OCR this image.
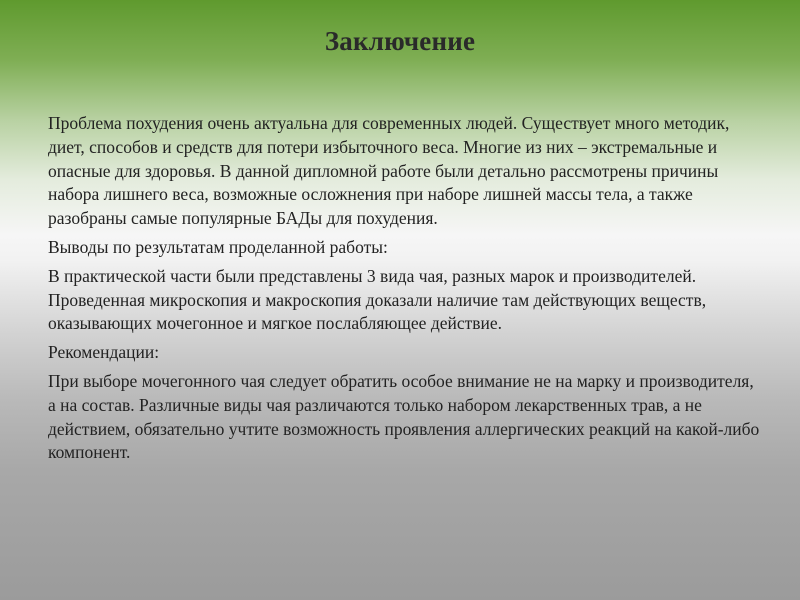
Заключение

Проблема похудения очень актуальна для современных людей. Существует много методик, диет, способов и средств для потери избыточного веса. Многие из них – экстремальные и опасные для здоровья. В данной дипломной работе были детально рассмотрены причины набора лишнего веса, возможные осложнения при наборе лишней массы тела, а также разобраны самые популярные БАДы для похудения.

Выводы по результатам проделанной работы:

В практической части были представлены 3 вида чая, разных марок и производителей. Проведенная микроскопия и макроскопия доказали наличие там действующих веществ, оказывающих мочегонное и мягкое послабляющее действие.

Рекомендации:

При выборе мочегонного чая следует обратить особое внимание не на марку и производителя, а на состав. Различные виды чая различаются только набором лекарственных трав, а не действием, обязательно учтите возможность проявления аллергических реакций на какой-либо компонент.
